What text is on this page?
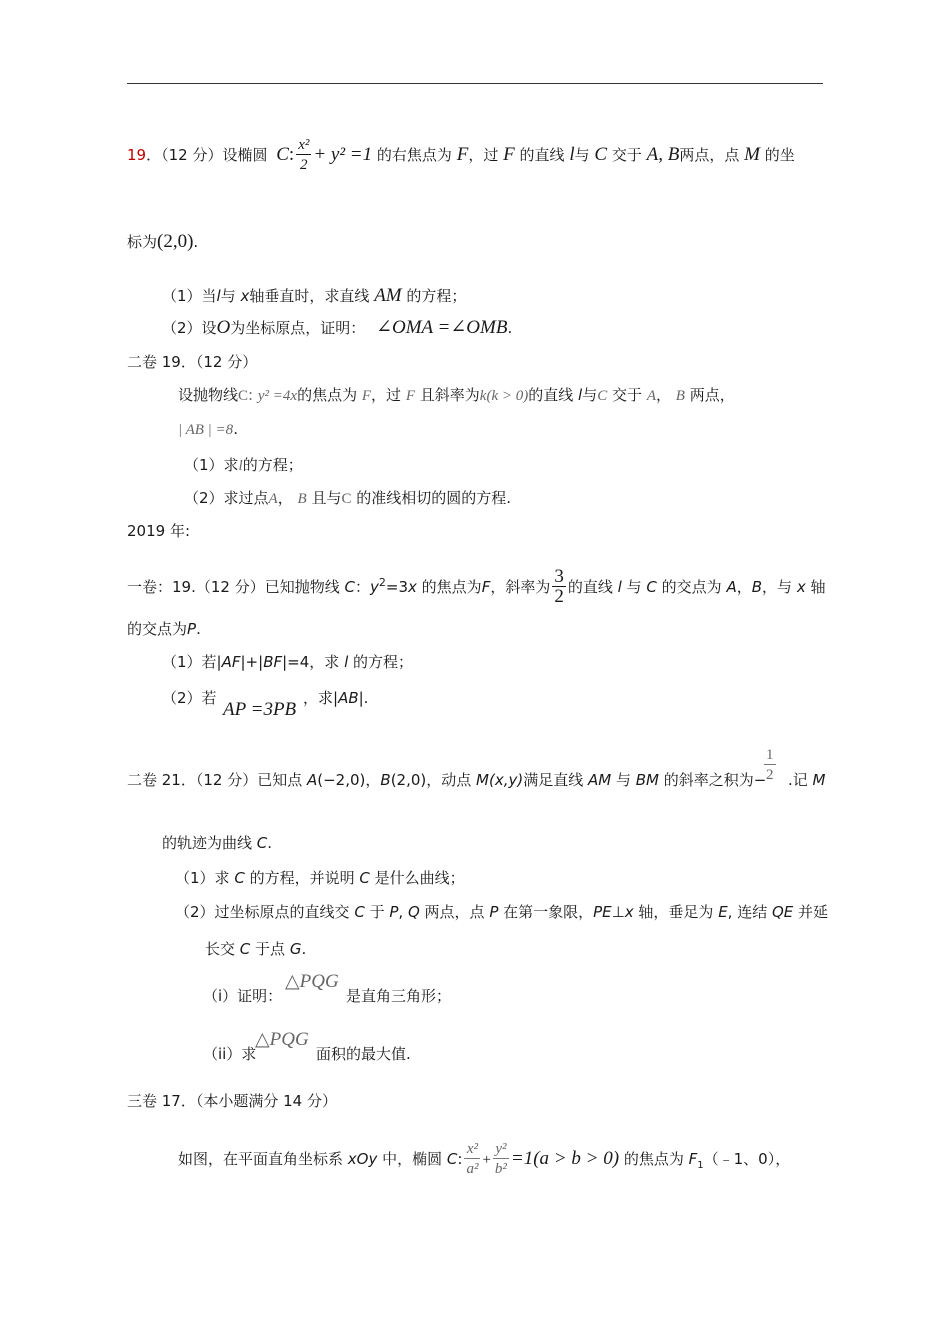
19．（12 分）设椭圆 C: $\frac{\text{x²}}{2} + y^2 =1$ 的右焦点为 F，过 F 的直线 l与 C 交于 A, B两点，点 M 的坐
标为(2,0).
（1）当l与 x轴垂直时，求直线 AM 的方程；
（2）设O为坐标原点，证明： ∠OMA =∠OMB.
二卷 19．（12 分）
设抛物线C: y² =4x的焦点为 F，过 F 且斜率为k(k > 0)的直线 l与C 交于 A， B 两点，
| AB | =8.
（1）求l的方程；
（2）求过点A， B 且与C 的准线相切的圆的方程.
2019 年:
一卷：19.（12 分）已知抛物线 C：$y^2=3x$ 的焦点为F，斜率为 $\frac{3}{2}$ 的直线 l 与 C 的交点为 A，B，与 x 轴
的交点为P.
（1）若|AF|+|BF|=4，求 l 的方程；
（2）若
AP =3PB
，求|AB|.
二卷 21．（12 分）已知点 A(−2,0)，B(2,0)，动点 M(x,y)满足直线 AM 与 BM 的斜率之积为−
$\frac{1}{2}$ .记 M
的轨迹为曲线 C.
（1）求 C 的方程，并说明 C 是什么曲线；
（2）过坐标原点的直线交 C 于 P, Q 两点，点 P 在第一象限，PE⊥x 轴，垂足为 E, 连结 QE 并延
长交 C 于点 G.
（i）证明：
△PQG
是直角三角形；
（ii）求
△PQG
面积的最大值.
三卷 17．（本小题满分 14 分）
如图，在平面直角坐标系 xOy 中，椭圆 C: $\frac{\text{x²}}{\text{a²}} + \frac{\text{y²}}{\text{b²}} =1(a > b > 0)$ 的焦点为 $F_1(﹣1$、0），
